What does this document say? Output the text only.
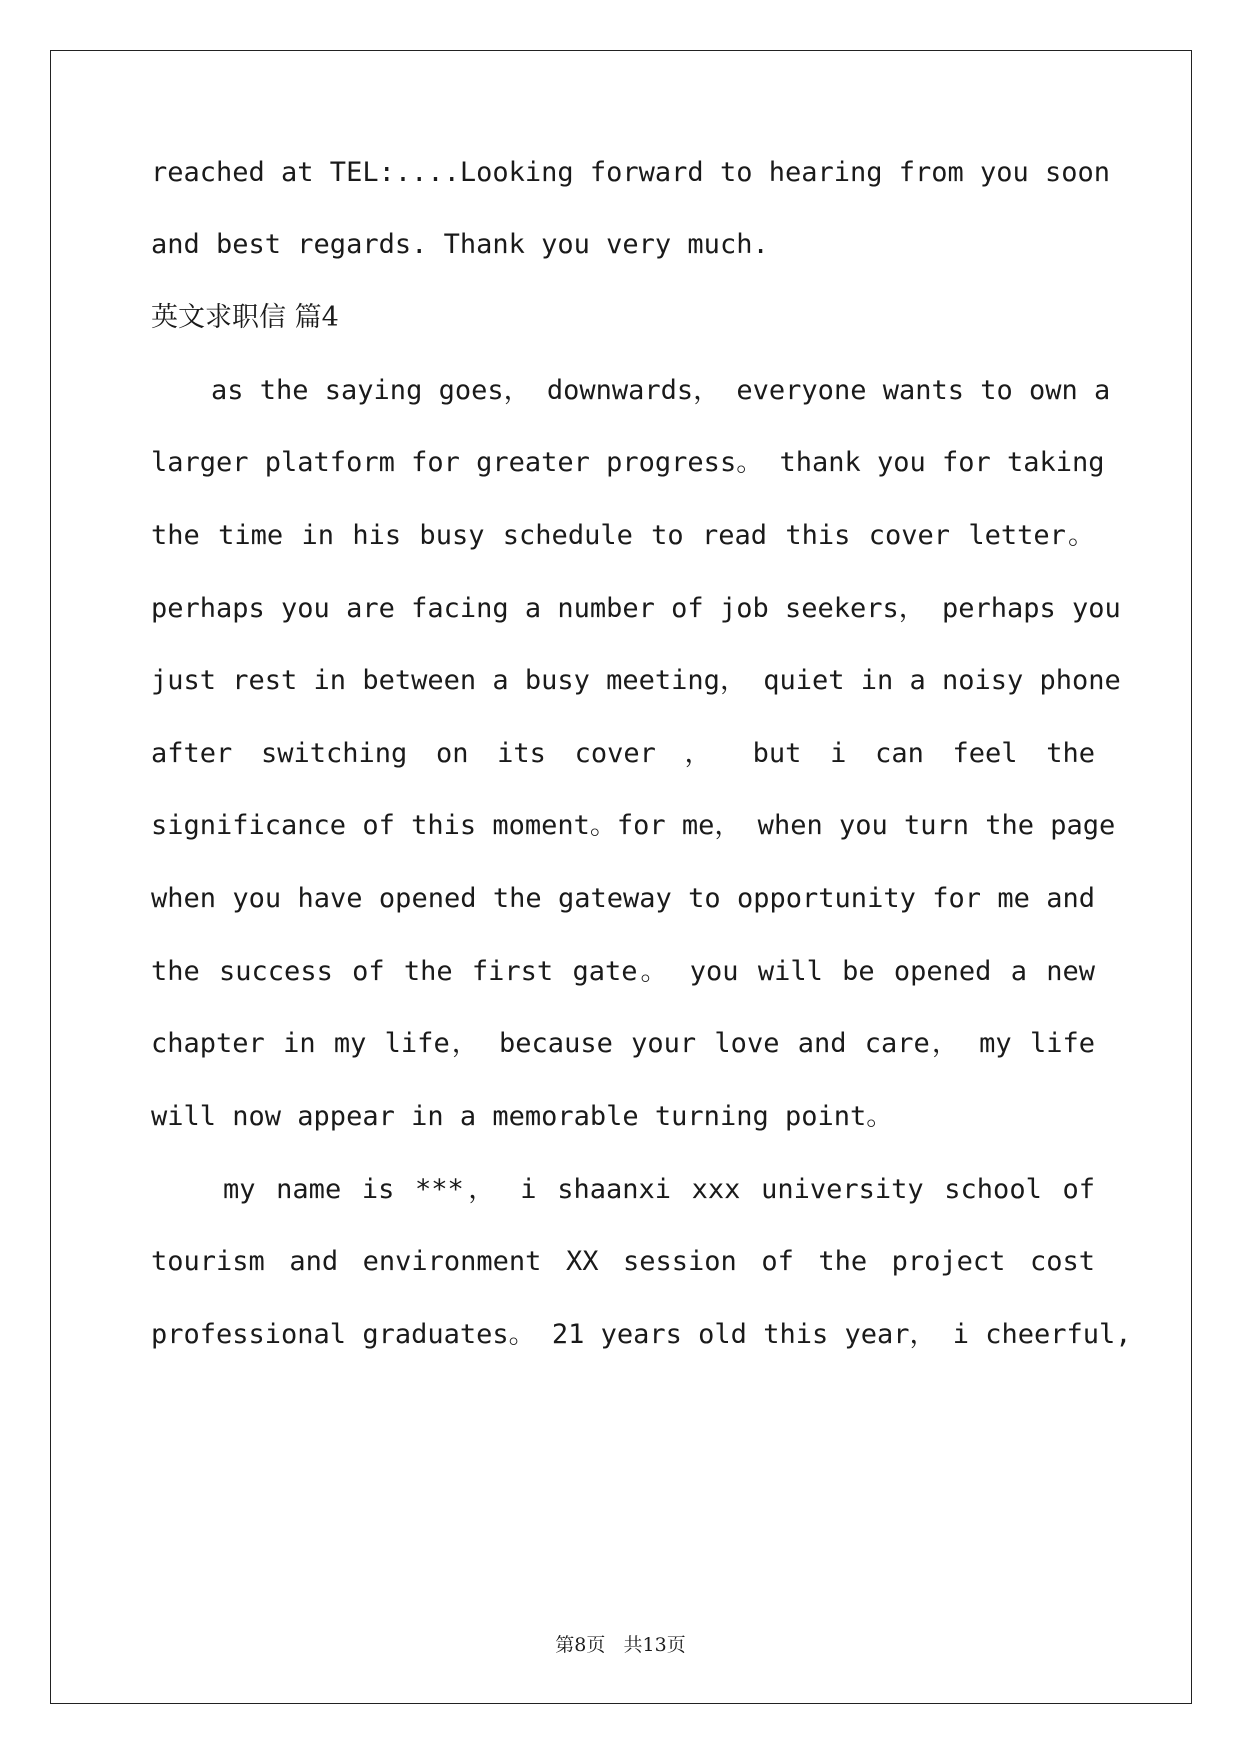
reached at TEL:....Looking forward to hearing from you soon
and best regards. Thank you very much.
英文求职信 篇4
as the saying goes， downwards， everyone wants to own a
larger platform for greater progress。 thank you for taking
the time in his busy schedule to read this cover letter。
perhaps you are facing a number of job seekers， perhaps you
just rest in between a busy meeting， quiet in a noisy phone
after switching on its cover ， but i can feel the
significance of this moment。for me， when you turn the page
when you have opened the gateway to opportunity for me and
the success of the first gate。 you will be opened a new
chapter in my life， because your love and care， my life
will now appear in a memorable turning point。
my name is ***， i shaanxi xxx university school of
tourism and environment XX session of the project cost
professional graduates。 21 years old this year， i cheerful,
第8页 共13页
